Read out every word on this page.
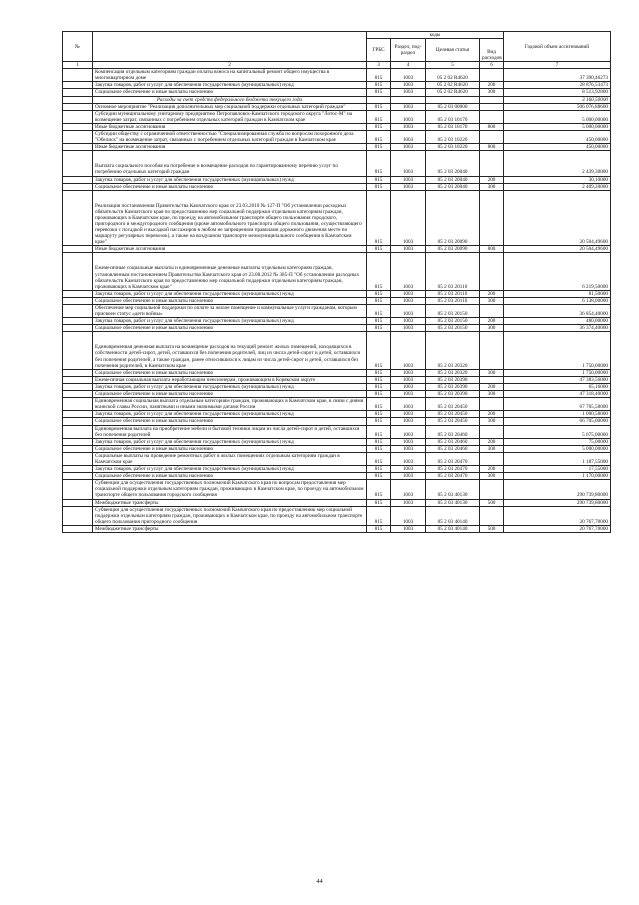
№		коды				Годовой объем ассигнований
		ГРБС	Раздел, под-раздел	Целевая статья	Вид расходов	
1	2	3	4	5	6	7
	Компенсация отдельным категориям граждан оплаты взноса на капитальный ремонт общего имущества в многоквартирном доме	815	1003	05 2 02 R4620		37 390,46273
	Закупка товаров, работ и услуг для обеспечения государственных (муниципальных) нужд	815	1003	05 2 02 R4620	200	28 876,53473
	Социальное обеспечение и иные выплаты населению	815	1003	05 2 02 R4620	300	8 513,92800
	Расходы за счет средств федерального бюджета текущего года					3 160,50000
	Основное мероприятие "Реализация дополнительных мер социальной поддержки отдельных категорий граждан"	815	1003	05 2 03 00000		506 076,88600
	Субсидии муниципальному унитарному предприятию Петропавловск-Камчатского городского округа "Лотос-М" на возмещение затрат, связанных с погребением отдельных категорий граждан в Камчатском крае	815	1003	05 2 03 10170		5 000,00000
	Иные бюджетные ассигнования	815	1003	05 2 03 10170	800	5 000,00000
	Субсидии обществу с ограниченной ответственностью "Специализированная служба по вопросам похоронного дела "Обелиск" на возмещение затрат, связанных с погребением отдельных категорий граждан в Камчатском крае	815	1003	05 2 03 10220		450,00000
	Иные бюджетные ассигнования	815	1003	05 2 03 10220	800	450,00000
	Выплата социального пособия на погребение и возмещение расходов по гарантированному перечню услуг по погребению отдельных категорий граждан	815	1003	05 2 03 20040		2 439,30000
	Закупка товаров, работ и услуг для обеспечения государственных (муниципальных) нужд	815	1003	05 2 03 20040	200	30,10000
	Социальное обеспечение и иные выплаты населению	815	1003	05 2 03 20040	300	2 409,20000
	Реализация постановления Правительства Камчатского края от 23.03.2010 № 127-П "Об установлении расходных обязательств Камчатского края по предоставлению мер социальной поддержки отдельным категориям граждан, проживающих в Камчатском крае, по проезду на автомобильном транспорте общего пользования городского, пригородного и междугородного сообщения (кроме автомобильного транспорта общего пользования, осуществляющего перевозки с посадкой и высадкой пассажиров в любом не запрещенном правилами дорожного движения месте по маршруту регулярных перевозок), а также на воздушном транспорте межмуниципального сообщения в Камчатском крае"	815	1003	05 2 03 20090		20 504,49600
	Иные бюджетные ассигнования	815	1003	05 2 03 20090	800	20 504,49600
	Ежемесячные социальные выплаты и единовременные денежные выплаты отдельным категориям граждан, установленным постановлением Правительства Камчатского края от 23.08.2012 № 385-П "Об установлении расходных обязательств Камчатского края по предоставлению мер социальной поддержки отдельным категориям граждан, проживающих в Камчатском крае"	815	1003	05 2 03 20110		6 219,50000
	Закупка товаров, работ и услуг для обеспечения государственных (муниципальных) нужд	815	1003	05 2 03 20110	200	81,50000
	Социальное обеспечение и иные выплаты населению	815	1003	05 2 03 20110	300	6 138,00000
	Обеспечение мер социальной поддержки по оплате за жилое помещение и коммунальные услуги гражданам, которым присвоен статус «дети войны»	815	1003	05 2 03 20150		36 854,40000
	Закупка товаров, работ и услуг для обеспечения государственных (муниципальных) нужд	815	1003	05 2 03 20150	200	480,00000
	Социальное обеспечение и иные выплаты населению	815	1003	05 2 03 20150	300	36 374,40000
	Единовременная денежная выплата на возмещение расходов на текущий ремонт жилых помещений, находящихся в собственности детей-сирот, детей, оставшихся без попечения родителей, лиц из числа детей-сирот и детей, оставшихся без попечения родителей, а также граждан, ранее относившихся к лицам из числа детей-сирот и детей, оставшихся без попечения родителей, в Камчатском крае	815	1003	05 2 03 20320		1 750,00000
	Социальное обеспечение и иные выплаты населению	815	1003	05 2 03 20320	300	1 750,00000
	Ежемесячная социальная выплата неработающим пенсионерам, проживающим в Корякском округе	815	1003	05 2 03 20390		47 383,56000
	Закупка товаров, работ и услуг для обеспечения государственных (муниципальных) нужд	815	1003	05 2 03 20390	200	65,16000
	Социальное обеспечение и иные выплаты населению	815	1003	05 2 03 20390	300	47 318,40000
	Единовременная социальная выплата отдельным категориям граждан, проживающих в Камчатском крае, в связи с днями воинской славы России, памятными и иными значимыми датами России	815	1003	05 2 03 20450		67 705,58000
	Закупка товаров, работ и услуг для обеспечения государственных (муниципальных) нужд	815	1003	05 2 03 20450	200	1 000,58000
	Социальное обеспечение и иные выплаты населению	815	1003	05 2 03 20450	300	66 705,00000
	Единовременная выплата на приобретение мебели и бытовой техники лицам из числа детей-сирот и детей, оставшихся без попечения родителей	815	1003	05 2 03 20460		5 075,00000
	Закупка товаров, работ и услуг для обеспечения государственных (муниципальных) нужд	815	1003	05 2 03 20460	200	75,00000
	Социальное обеспечение и иные выплаты населению	815	1003	05 2 03 20460	300	5 000,00000
	Социальные выплаты на проведение ремонтных работ в жилых помещениях отдельным категориям граждан в Камчатском крае	815	1003	05 2 03 20470		1 187,55000
	Закупка товаров, работ и услуг для обеспечения государственных (муниципальных) нужд	815	1003	05 2 03 20470	200	17,55000
	Социальное обеспечение и иные выплаты населению	815	1003	05 2 03 20470	300	1 170,00000
	Субвенции для осуществления государственных полномочий Камчатского края по вопросам предоставления мер социальной поддержки отдельным категориям граждан, проживающих в Камчатском крае, по проезду на автомобильном транспорте общего пользования городского сообщения	815	1003	05 2 03 40130		290 739,80000
	Межбюджетные трансферты	815	1003	05 2 03 40130	500	290 739,80000
	Субвенции для осуществления государственных полномочий Камчатского края по предоставлению мер социальной поддержки отдельным категориям граждан, проживающих в Камчатском крае, по проезду на автомобильном транспорте общего пользования пригородного сообщения	815	1003	05 2 03 40140		20 767,70000
	Межбюджетные трансферты	815	1003	05 2 03 40140	500	20 767,70000
44
